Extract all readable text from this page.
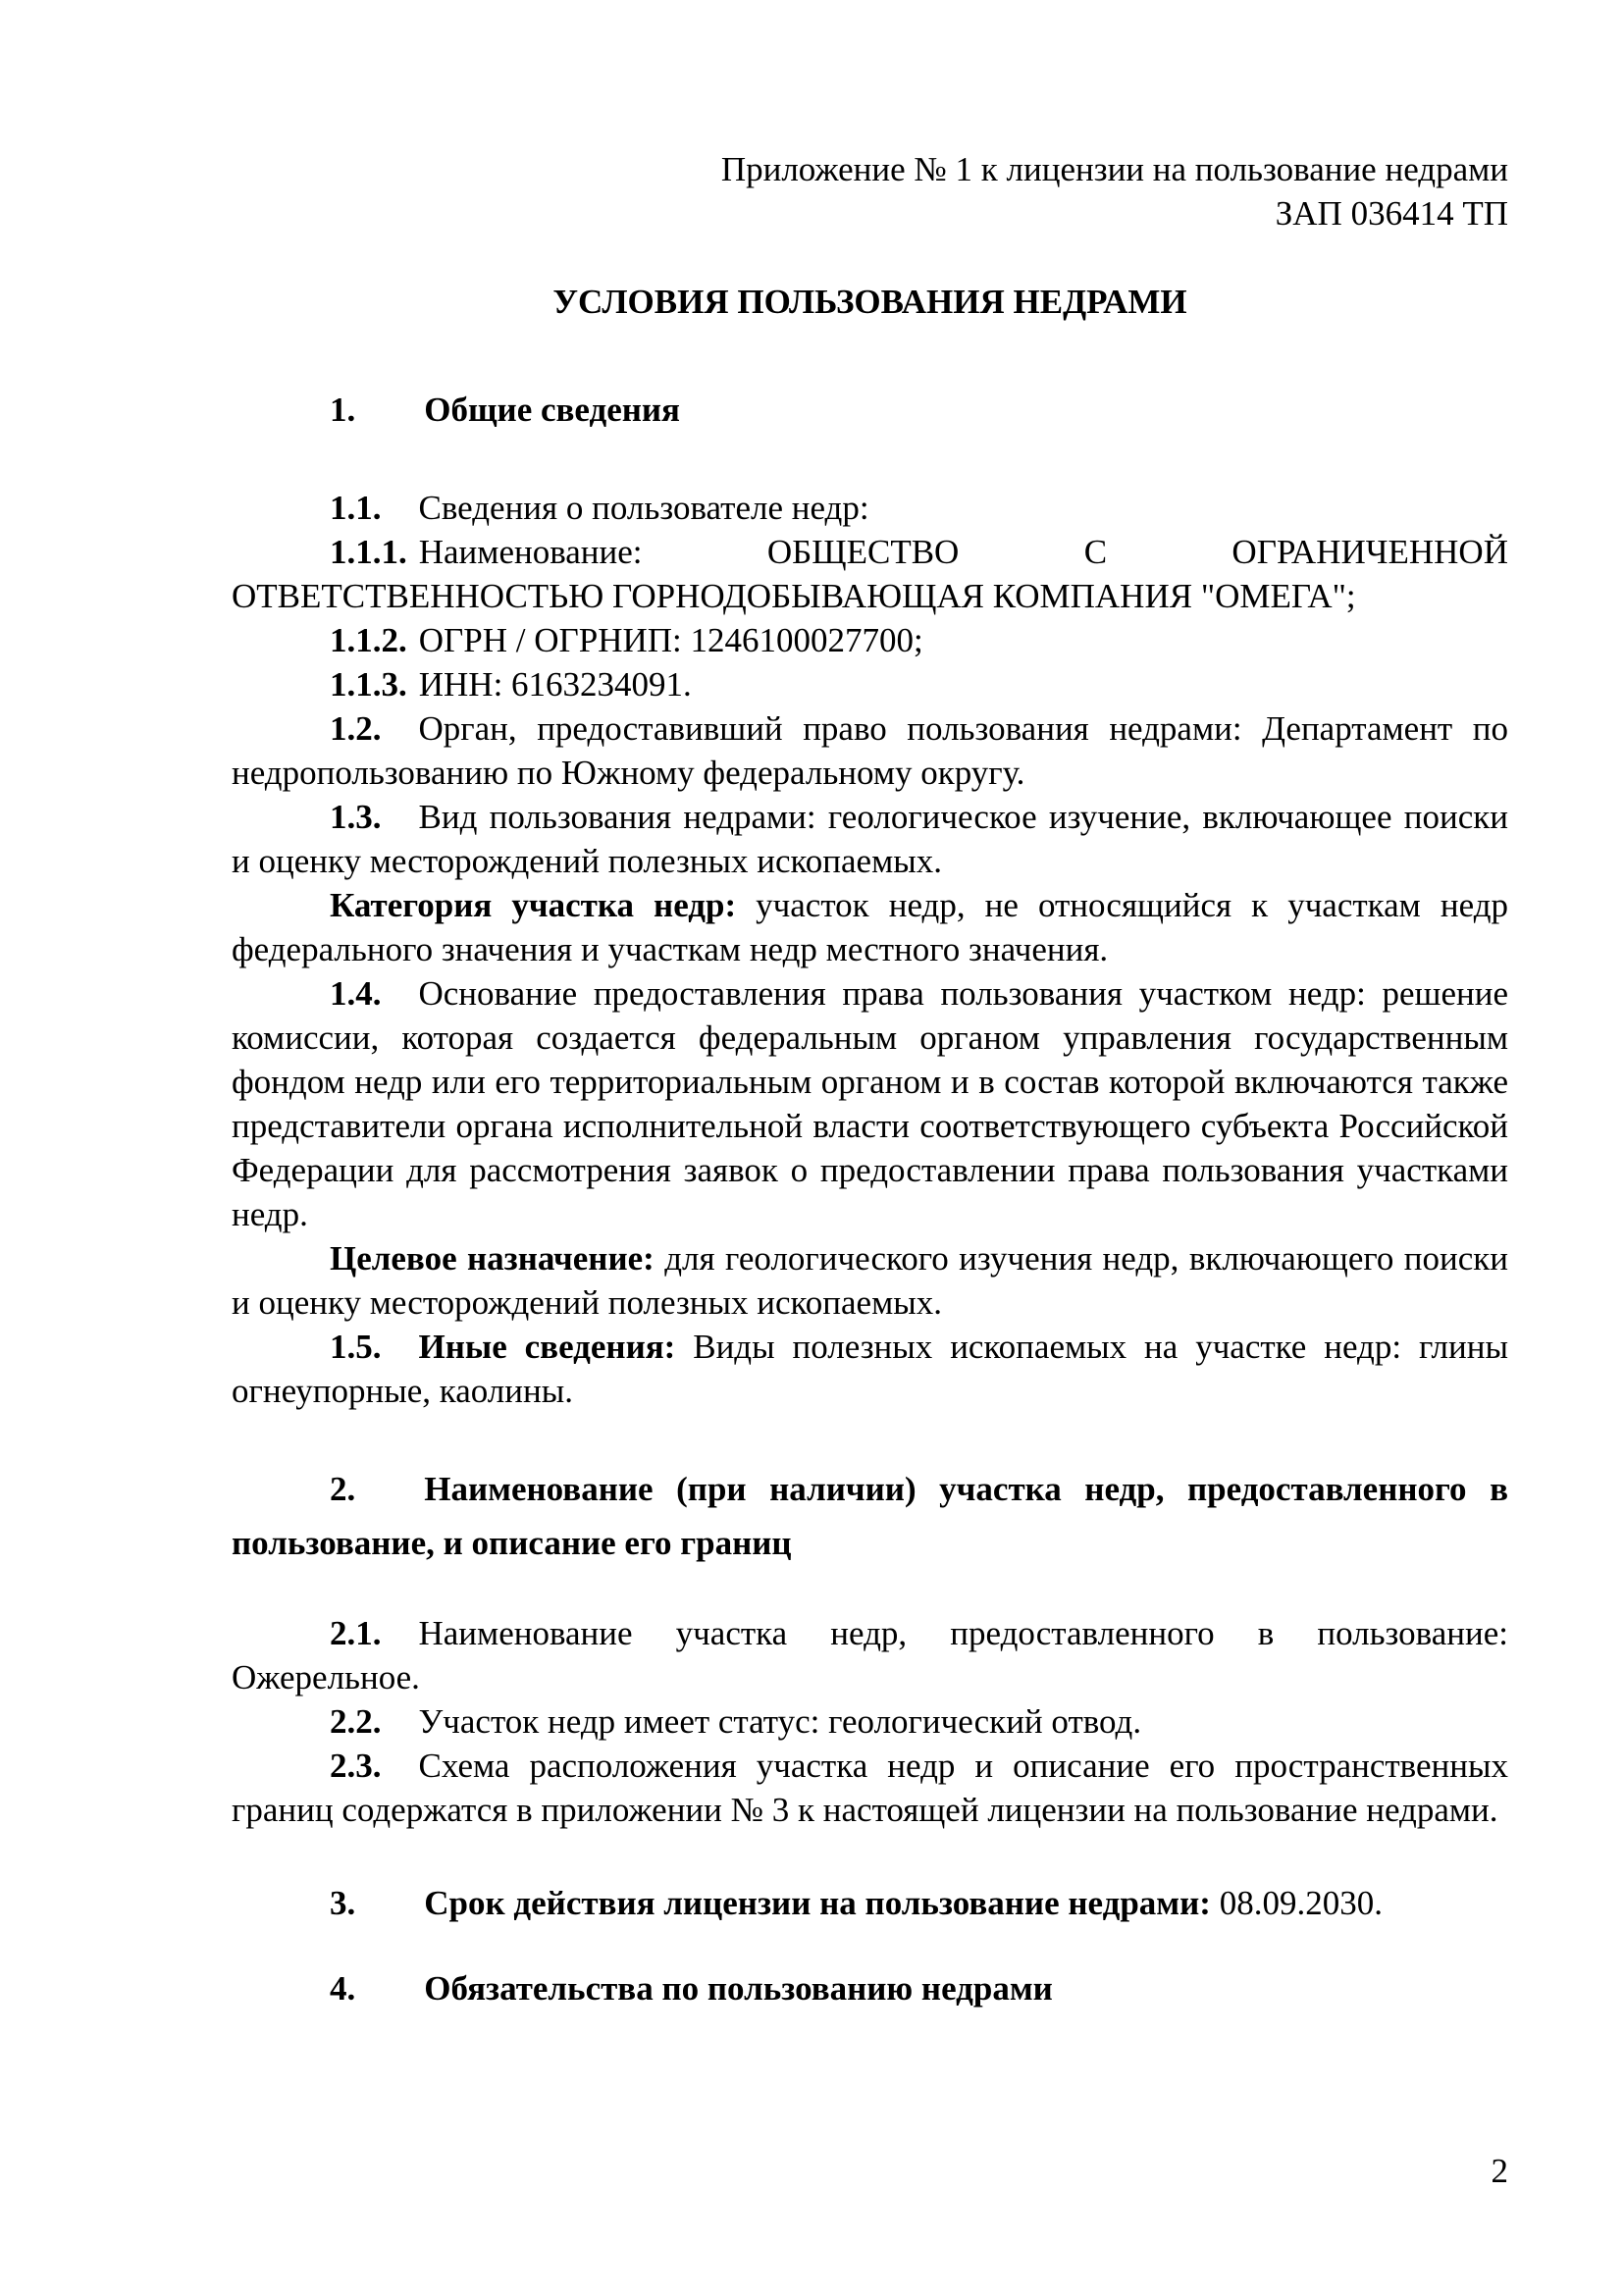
Приложение № 1 к лицензии на пользование недрами
ЗАП 036414 ТП
УСЛОВИЯ ПОЛЬЗОВАНИЯ НЕДРАМИ

1. Общие сведения

1.1. Сведения о пользователе недр:

1.1.1. Наименование: ОБЩЕСТВО С ОГРАНИЧЕННОЙ ОТВЕТСТВЕННОСТЬЮ ГОРНОДОБЫВАЮЩАЯ КОМПАНИЯ "ОМЕГА";

1.1.2. ОГРН / ОГРНИП: 1246100027700;

1.1.3. ИНН: 6163234091.

1.2. Орган, предоставивший право пользования недрами: Департамент по недропользованию по Южному федеральному округу.

1.3. Вид пользования недрами: геологическое изучение, включающее поиски и оценку месторождений полезных ископаемых.

Категория участка недр: участок недр, не относящийся к участкам недр федерального значения и участкам недр местного значения.

1.4. Основание предоставления права пользования участком недр: решение комиссии, которая создается федеральным органом управления государственным фондом недр или его территориальным органом и в состав которой включаются также представители органа исполнительной власти соответствующего субъекта Российской Федерации для рассмотрения заявок о предоставлении права пользования участками недр.

Целевое назначение: для геологического изучения недр, включающего поиски и оценку месторождений полезных ископаемых.

1.5. Иные сведения: Виды полезных ископаемых на участке недр: глины огнеупорные, каолины.

2. Наименование (при наличии) участка недр, предоставленного в пользование, и описание его границ

2.1. Наименование участка недр, предоставленного в пользование: Ожерельное.

2.2. Участок недр имеет статус: геологический отвод.

2.3. Схема расположения участка недр и описание его пространственных границ содержатся в приложении № 3 к настоящей лицензии на пользование недрами.

3. Срок действия лицензии на пользование недрами: 08.09.2030.

4. Обязательства по пользованию недрами

2
